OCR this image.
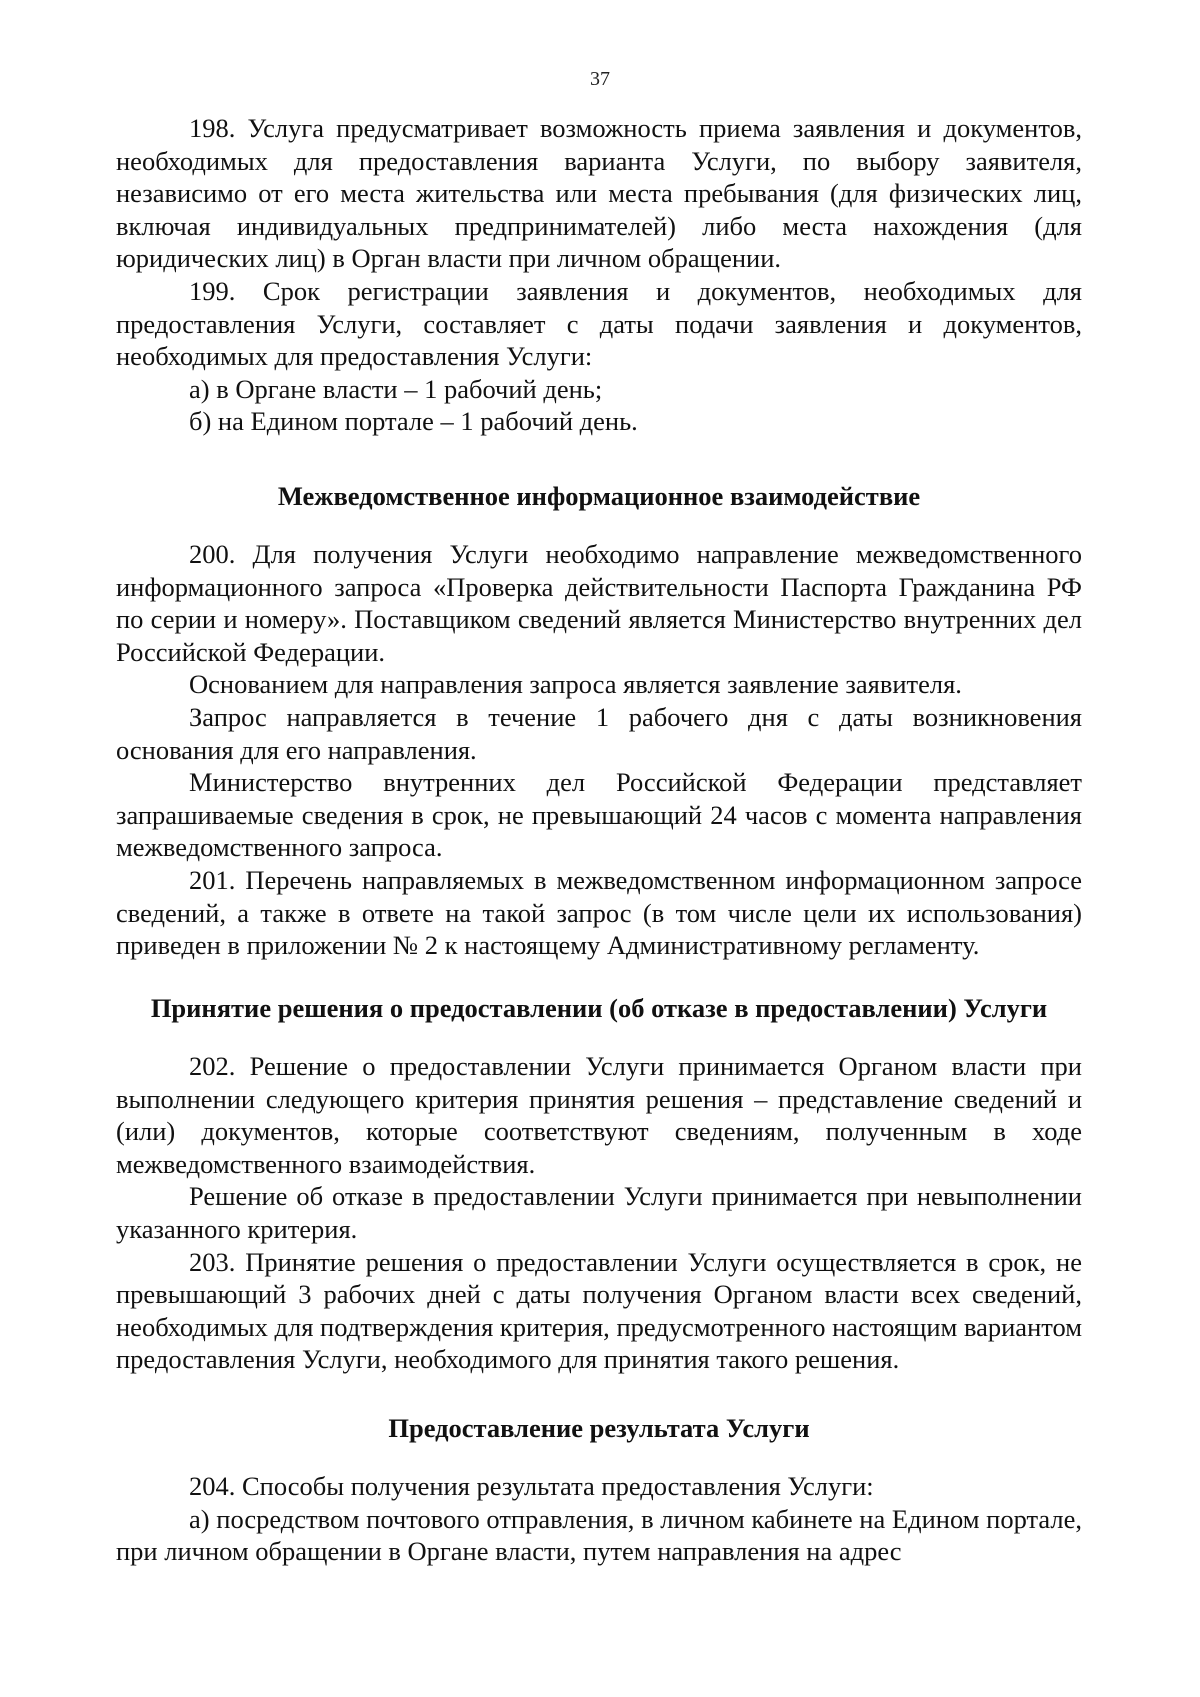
37

198. Услуга предусматривает возможность приема заявления и документов, необходимых для предоставления варианта Услуги, по выбору заявителя, независимо от его места жительства или места пребывания (для физических лиц, включая индивидуальных предпринимателей) либо места нахождения (для юридических лиц) в Орган власти при личном обращении.

199. Срок регистрации заявления и документов, необходимых для предоставления Услуги, составляет с даты подачи заявления и документов, необходимых для предоставления Услуги:

а) в Органе власти – 1 рабочий день;

б) на Едином портале – 1 рабочий день.

Межведомственное информационное взаимодействие

200. Для получения Услуги необходимо направление межведомственного информационного запроса «Проверка действительности Паспорта Гражданина РФ по серии и номеру». Поставщиком сведений является Министерство внутренних дел Российской Федерации.

Основанием для направления запроса является заявление заявителя.

Запрос направляется в течение 1 рабочего дня с даты возникновения основания для его направления.

Министерство внутренних дел Российской Федерации представляет запрашиваемые сведения в срок, не превышающий 24 часов с момента направления межведомственного запроса.

201. Перечень направляемых в межведомственном информационном запросе сведений, а также в ответе на такой запрос (в том числе цели их использования) приведен в приложении № 2 к настоящему Административному регламенту.

Принятие решения о предоставлении (об отказе в предоставлении) Услуги

202. Решение о предоставлении Услуги принимается Органом власти при выполнении следующего критерия принятия решения – представление сведений и (или) документов, которые соответствуют сведениям, полученным в ходе межведомственного взаимодействия.

Решение об отказе в предоставлении Услуги принимается при невыполнении указанного критерия.

203. Принятие решения о предоставлении Услуги осуществляется в срок, не превышающий 3 рабочих дней с даты получения Органом власти всех сведений, необходимых для подтверждения критерия, предусмотренного настоящим вариантом предоставления Услуги, необходимого для принятия такого решения.

Предоставление результата Услуги

204. Способы получения результата предоставления Услуги:

а) посредством почтового отправления, в личном кабинете на Едином портале, при личном обращении в Органе власти, путем направления на адрес
